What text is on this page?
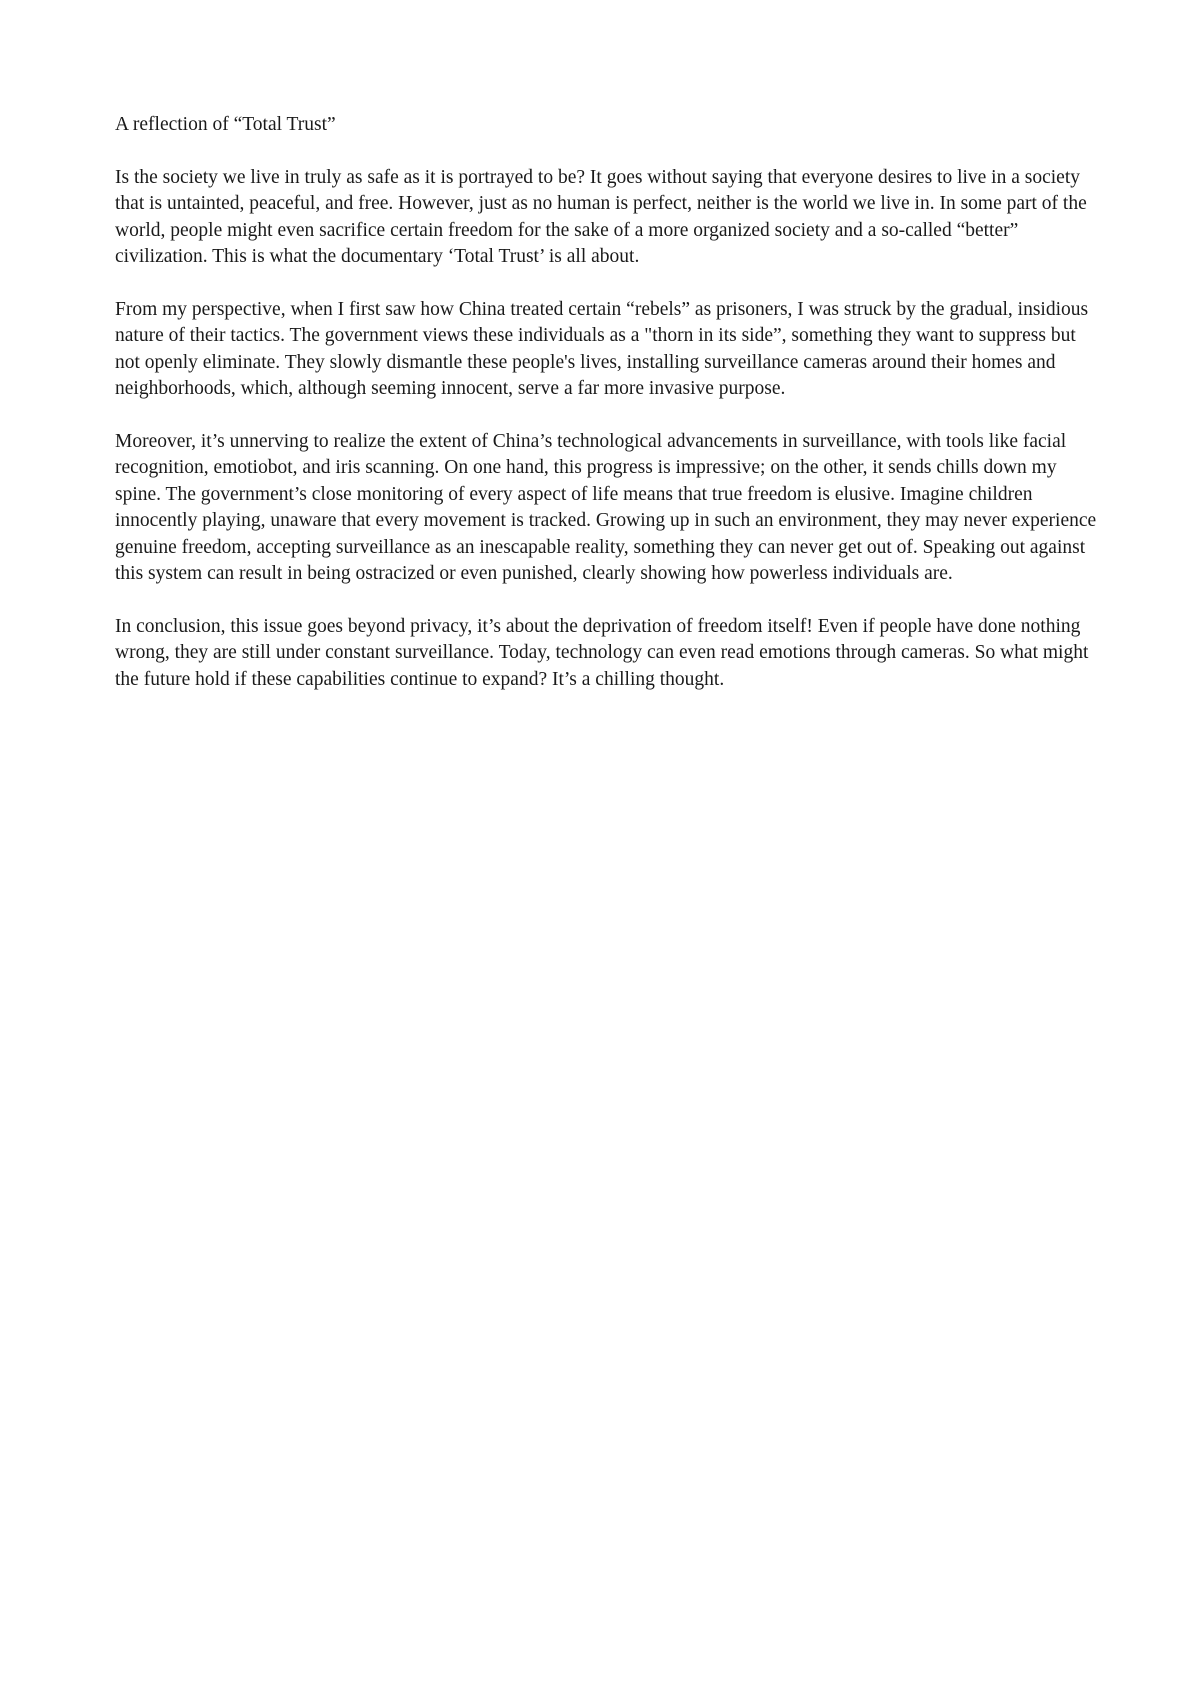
A reflection of “Total Trust”

Is the society we live in truly as safe as it is portrayed to be? It goes without saying that everyone desires to live in a society that is untainted, peaceful, and free. However, just as no human is perfect, neither is the world we live in. In some part of the world, people might even sacrifice certain freedom for the sake of a more organized society and a so-called “better” civilization. This is what the documentary ‘Total Trust’ is all about.

From my perspective, when I first saw how China treated certain “rebels” as prisoners, I was struck by the gradual, insidious nature of their tactics. The government views these individuals as a "thorn in its side”, something they want to suppress but not openly eliminate. They slowly dismantle these people's lives, installing surveillance cameras around their homes and neighborhoods, which, although seeming innocent, serve a far more invasive purpose.

Moreover, it’s unnerving to realize the extent of China’s technological advancements in surveillance, with tools like facial recognition, emotiobot, and iris scanning. On one hand, this progress is impressive; on the other, it sends chills down my spine. The government’s close monitoring of every aspect of life means that true freedom is elusive. Imagine children innocently playing, unaware that every movement is tracked. Growing up in such an environment, they may never experience genuine freedom, accepting surveillance as an inescapable reality, something they can never get out of. Speaking out against this system can result in being ostracized or even punished, clearly showing how powerless individuals are.

In conclusion, this issue goes beyond privacy, it’s about the deprivation of freedom itself! Even if people have done nothing wrong, they are still under constant surveillance. Today, technology can even read emotions through cameras. So what might the future hold if these capabilities continue to expand? It’s a chilling thought.
